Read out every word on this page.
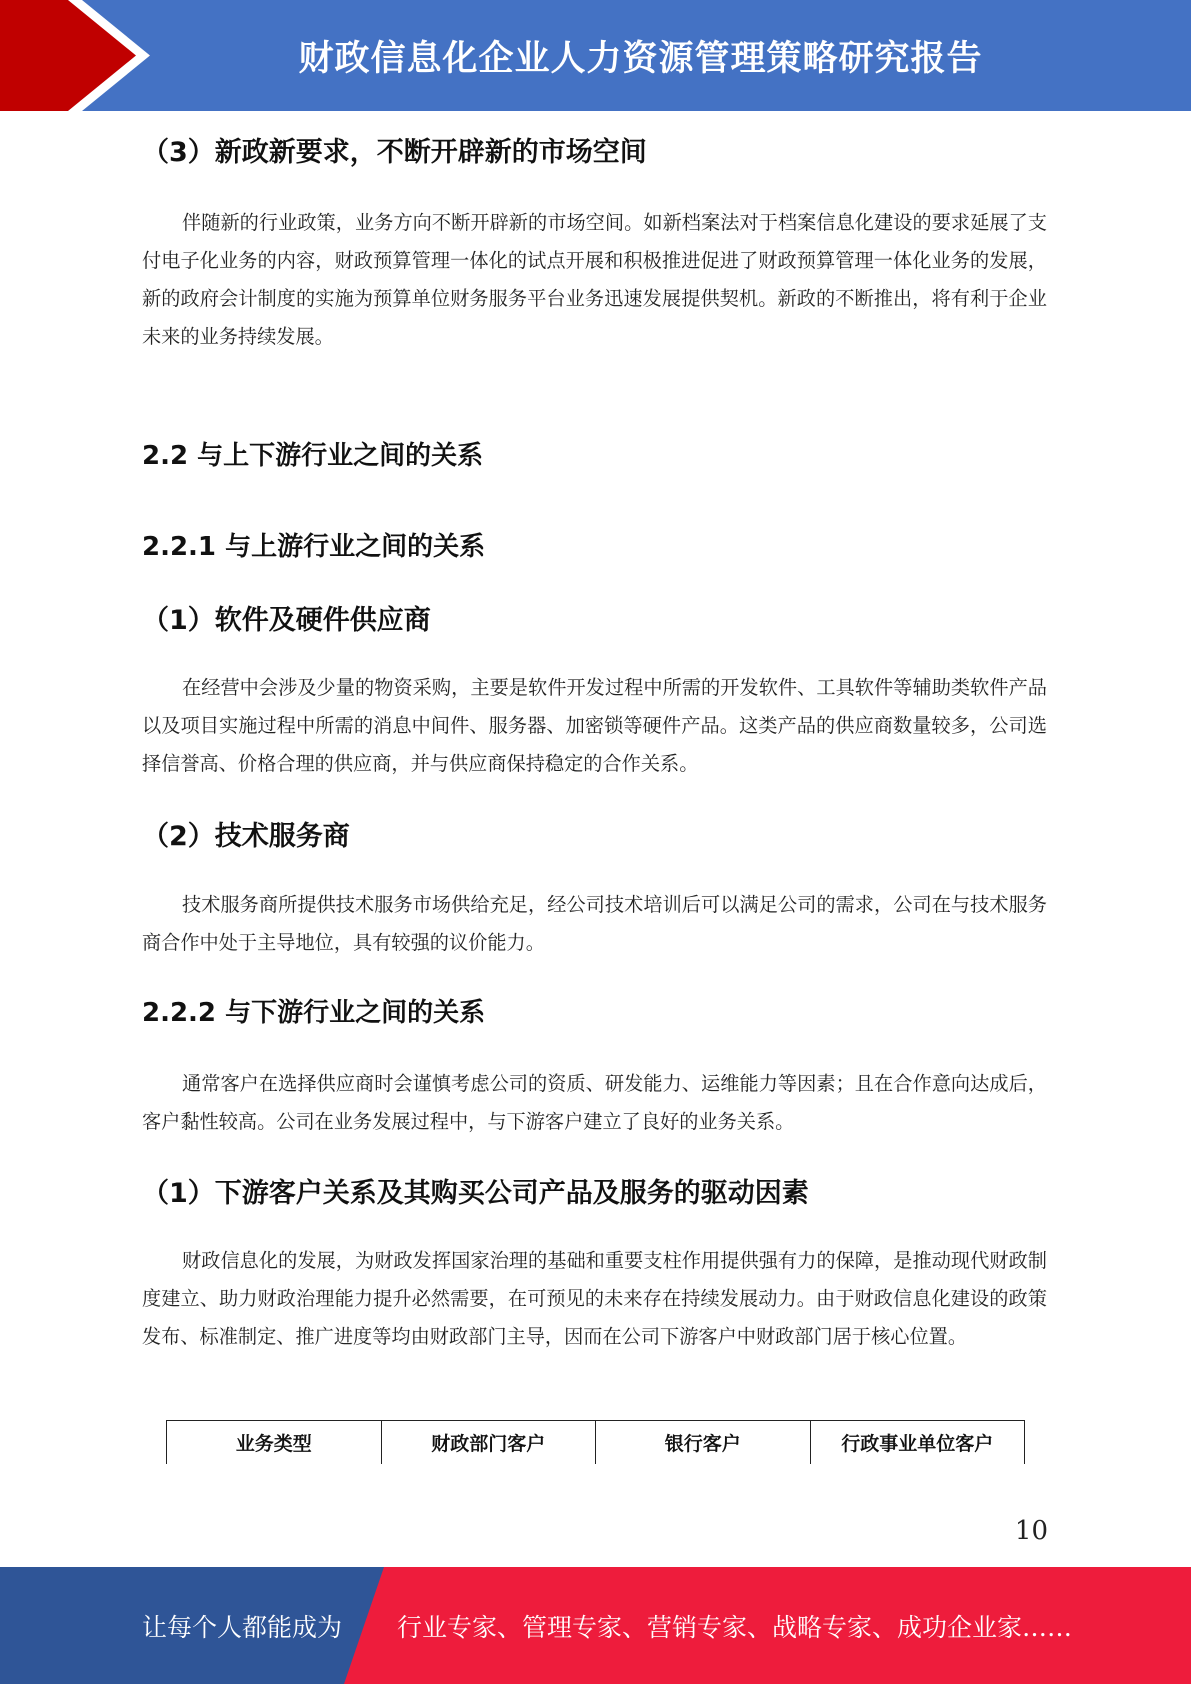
财政信息化企业人力资源管理策略研究报告
（3）新政新要求，不断开辟新的市场空间

伴随新的行业政策，业务方向不断开辟新的市场空间。如新档案法对于档案信息化建设的要求延展了支付电子化业务的内容，财政预算管理一体化的试点开展和积极推进促进了财政预算管理一体化业务的发展，新的政府会计制度的实施为预算单位财务服务平台业务迅速发展提供契机。新政的不断推出，将有利于企业未来的业务持续发展。

2.2 与上下游行业之间的关系
2.2.1 与上游行业之间的关系
（1）软件及硬件供应商

在经营中会涉及少量的物资采购，主要是软件开发过程中所需的开发软件、工具软件等辅助类软件产品以及项目实施过程中所需的消息中间件、服务器、加密锁等硬件产品。这类产品的供应商数量较多，公司选择信誉高、价格合理的供应商，并与供应商保持稳定的合作关系。

（2）技术服务商

技术服务商所提供技术服务市场供给充足，经公司技术培训后可以满足公司的需求，公司在与技术服务商合作中处于主导地位，具有较强的议价能力。

2.2.2 与下游行业之间的关系

通常客户在选择供应商时会谨慎考虑公司的资质、研发能力、运维能力等因素；且在合作意向达成后，客户黏性较高。公司在业务发展过程中，与下游客户建立了良好的业务关系。

（1）下游客户关系及其购买公司产品及服务的驱动因素

财政信息化的发展，为财政发挥国家治理的基础和重要支柱作用提供强有力的保障，是推动现代财政制度建立、助力财政治理能力提升必然需要，在可预见的未来存在持续发展动力。由于财政信息化建设的政策发布、标准制定、推广进度等均由财政部门主导，因而在公司下游客户中财政部门居于核心位置。

业务类型	财政部门客户	银行客户	行政事业单位客户
10
让每个人都能成为 行业专家、管理专家、营销专家、战略专家、成功企业家……
